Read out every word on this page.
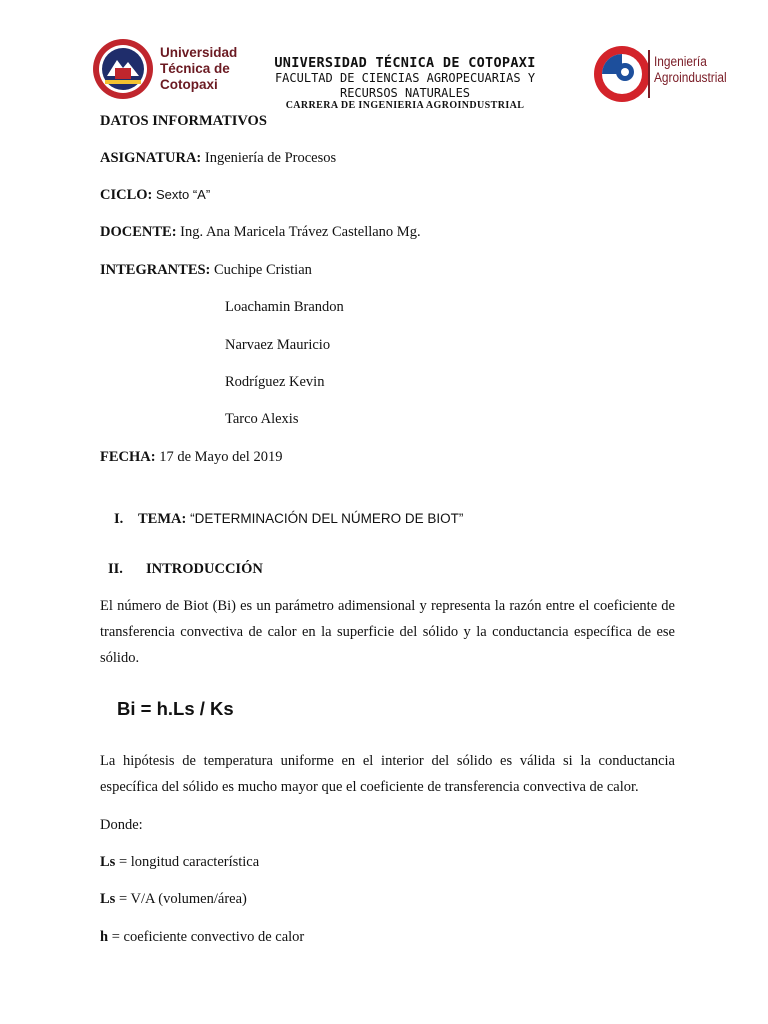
Universidad
Técnica de
Cotopaxi
UNIVERSIDAD TÉCNICA DE COTOPAXI
FACULTAD DE CIENCIAS AGROPECUARIAS Y
RECURSOS NATURALES
CARRERA DE INGENIERIA AGROINDUSTRIAL
Ingeniería
Agroindustrial
DATOS INFORMATIVOS
ASIGNATURA: Ingeniería de Procesos
CICLO: Sexto “A”
DOCENTE: Ing. Ana Maricela Trávez Castellano Mg.
INTEGRANTES: Cuchipe Cristian
Loachamin Brandon
Narvaez Mauricio
Rodríguez Kevin
Tarco Alexis
FECHA: 17 de Mayo del 2019
I. TEMA: “DETERMINACIÓN DEL NÚMERO DE BIOT”
II. INTRODUCCIÓN
El número de Biot (Bi) es un parámetro adimensional y representa la razón entre el coeficiente de transferencia convectiva de calor en la superficie del sólido y la conductancia específica de ese sólido.
Bi = h.Ls / Ks
La hipótesis de temperatura uniforme en el interior del sólido es válida si la conductancia específica del sólido es mucho mayor que el coeficiente de transferencia convectiva de calor.
Donde:
Ls = longitud característica
Ls = V/A (volumen/área)
h = coeficiente convectivo de calor
